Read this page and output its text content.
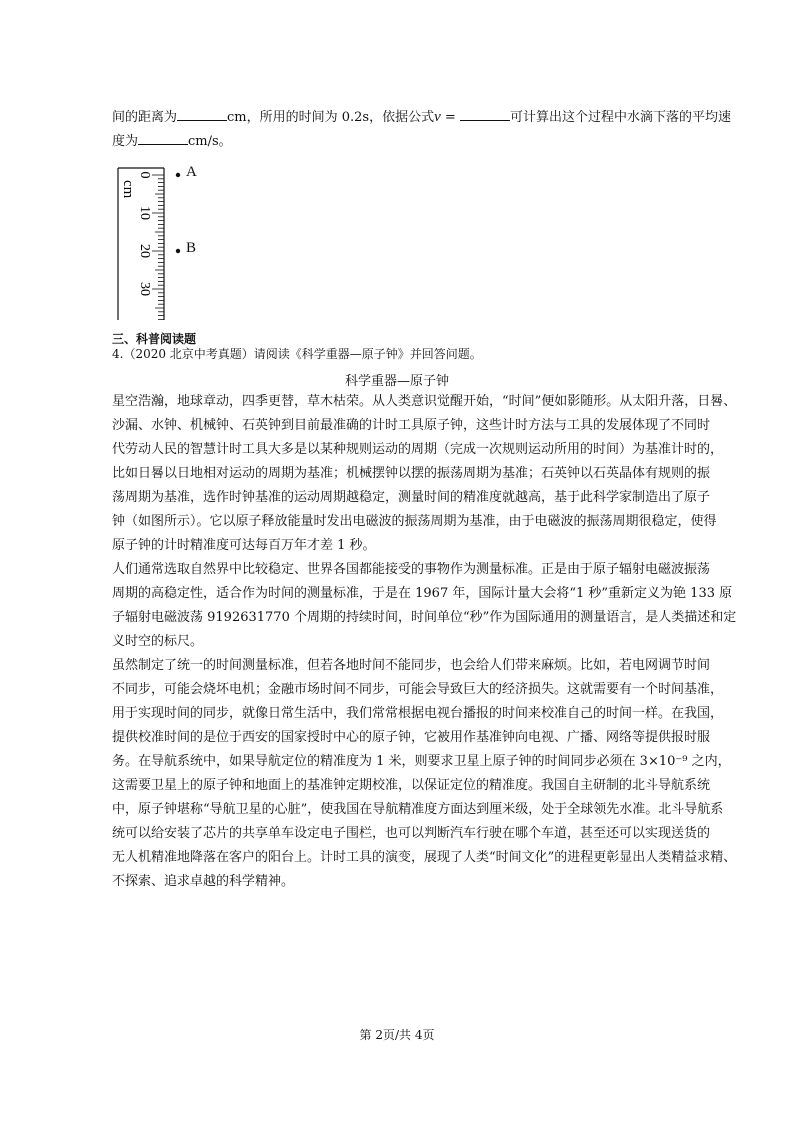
间的距离为	cm，所用的时间为 0.2s，依据公式v =	可计算出这个过程中水滴下落的平均速
度为	cm/s。
0
10
20
30
cm
A
B
三、科普阅读题
4.（2020 北京中考真题）请阅读《科学重器—原子钟》并回答问题。
科学重器—原子钟
星空浩瀚，地球章动，四季更替，草木枯荣。从人类意识觉醒开始，“时间”便如影随形。从太阳升落，日晷、
沙漏、水钟、机械钟、石英钟到目前最准确的计时工具原子钟，这些计时方法与工具的发展体现了不同时
代劳动人民的智慧计时工具大多是以某种规则运动的周期（完成一次规则运动所用的时间）为基准计时的，
比如日晷以日地相对运动的周期为基准；机械摆钟以摆的振荡周期为基准；石英钟以石英晶体有规则的振
荡周期为基准，选作时钟基准的运动周期越稳定，测量时间的精准度就越高，基于此科学家制造出了原子
钟（如图所示）。它以原子释放能量时发出电磁波的振荡周期为基准，由于电磁波的振荡周期很稳定，使得
原子钟的计时精准度可达每百万年才差 1 秒。
人们通常选取自然界中比较稳定、世界各国都能接受的事物作为测量标准。正是由于原子辐射电磁波振荡
周期的高稳定性，适合作为时间的测量标准，于是在 1967 年，国际计量大会将“1 秒”重新定义为铯 133 原
子辐射电磁波荡 9192631770 个周期的持续时间，时间单位“秒”作为国际通用的测量语言，是人类描述和定
义时空的标尺。
虽然制定了统一的时间测量标准，但若各地时间不能同步，也会给人们带来麻烦。比如，若电网调节时间
不同步，可能会烧坏电机；金融市场时间不同步，可能会导致巨大的经济损失。这就需要有一个时间基准，
用于实现时间的同步，就像日常生活中，我们常常根据电视台播报的时间来校准自己的时间一样。在我国，
提供校准时间的是位于西安的国家授时中心的原子钟，它被用作基准钟向电视、广播、网络等提供报时服
务。在导航系统中，如果导航定位的精准度为 1 米，则要求卫星上原子钟的时间同步必须在 3×10⁻⁹ 之内，
这需要卫星上的原子钟和地面上的基准钟定期校准，以保证定位的精准度。我国自主研制的北斗导航系统
中，原子钟堪称“导航卫星的心脏”，使我国在导航精准度方面达到厘米级，处于全球领先水准。北斗导航系
统可以给安装了芯片的共享单车设定电子围栏，也可以判断汽车行驶在哪个车道，甚至还可以实现送货的
无人机精准地降落在客户的阳台上。计时工具的演变，展现了人类“时间文化”的进程更彰显出人类精益求精、
不探索、追求卓越的科学精神。
第 2页/共 4页
